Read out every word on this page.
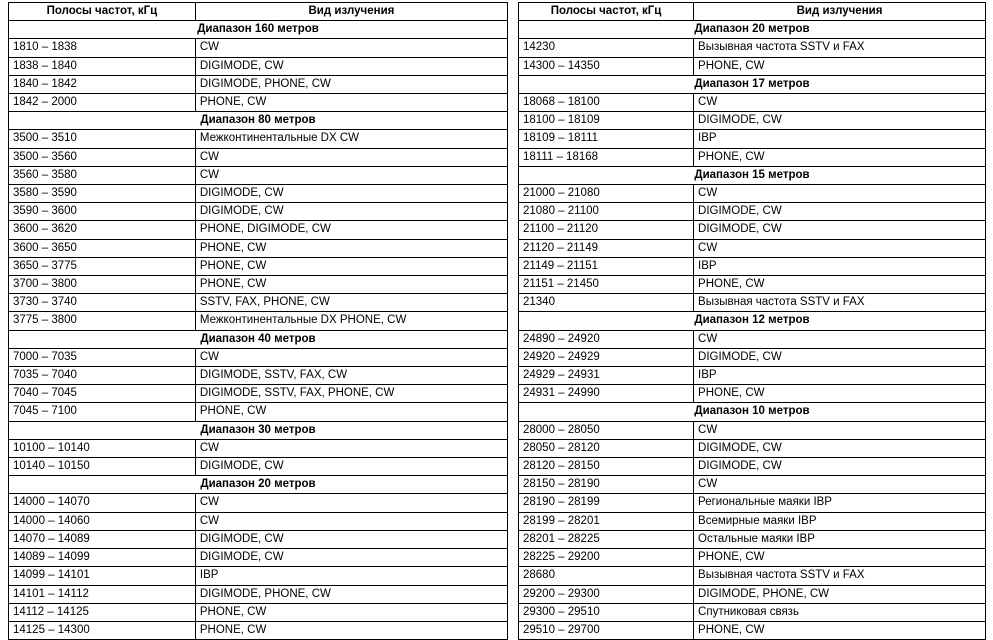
Полосы частот, кГц	Вид излучения
Диапазон 160 метров	
1810 – 1838	CW
1838 – 1840	DIGIMODE, CW
1840 – 1842	DIGIMODE, PHONE, CW
1842 – 2000	PHONE, CW
Диапазон 80 метров	
3500 – 3510	Межконтинентальные DX CW
3500 – 3560	CW
3560 – 3580	CW
3580 – 3590	DIGIMODE, CW
3590 – 3600	DIGIMODE, CW
3600 – 3620	PHONE, DIGIMODE, CW
3600 – 3650	PHONE, CW
3650 – 3775	PHONE, CW
3700 – 3800	PHONE, CW
3730 – 3740	SSTV, FAX, PHONE, CW
3775 – 3800	Межконтинентальные DX PHONE, CW
Диапазон 40 метров	
7000 – 7035	CW
7035 – 7040	DIGIMODE, SSTV, FAX, CW
7040 – 7045	DIGIMODE, SSTV, FAX, PHONE, CW
7045 – 7100	PHONE, CW
Диапазон 30 метров	
10100 – 10140	CW
10140 – 10150	DIGIMODE, CW
Диапазон 20 метров	
14000 – 14070	CW
14000 – 14060	CW
14070 – 14089	DIGIMODE, CW
14089 – 14099	DIGIMODE, CW
14099 – 14101	IBP
14101 – 14112	DIGIMODE, PHONE, CW
14112 – 14125	PHONE, CW
14125 – 14300	PHONE, CW
Полосы частот, кГц	Вид излучения
Диапазон 20 метров	
14230	Вызывная частота SSTV и FAX
14300 – 14350	PHONE, CW
Диапазон 17 метров	
18068 – 18100	CW
18100 – 18109	DIGIMODE, CW
18109 – 18111	IBP
18111 – 18168	PHONE, CW
Диапазон 15 метров	
21000 – 21080	CW
21080 – 21100	DIGIMODE, CW
21100 – 21120	DIGIMODE, CW
21120 – 21149	CW
21149 – 21151	IBP
21151 – 21450	PHONE, CW
21340	Вызывная частота SSTV и FAX
Диапазон 12 метров	
24890 – 24920	CW
24920 – 24929	DIGIMODE, CW
24929 – 24931	IBP
24931 – 24990	PHONE, CW
Диапазон 10 метров	
28000 – 28050	CW
28050 – 28120	DIGIMODE, CW
28120 – 28150	DIGIMODE, CW
28150 – 28190	CW
28190 – 28199	Региональные маяки IBP
28199 – 28201	Всемирные маяки IBP
28201 – 28225	Остальные маяки IBP
28225 – 29200	PHONE, CW
28680	Вызывная частота SSTV и FAX
29200 – 29300	DIGIMODE, PHONE, CW
29300 – 29510	Спутниковая связь
29510 – 29700	PHONE, CW
